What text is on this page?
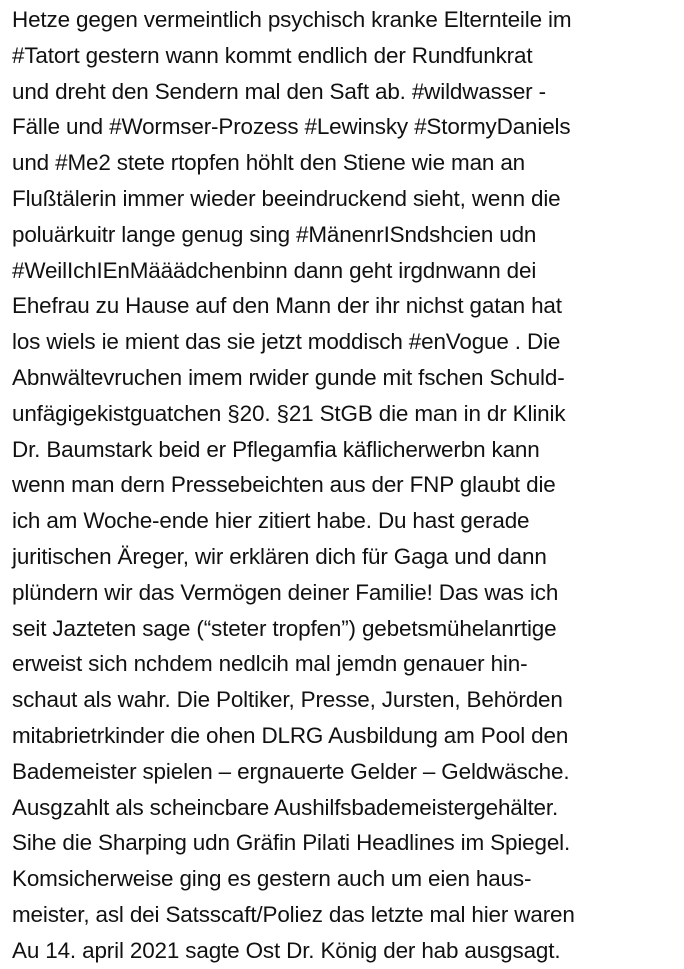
Hetze gegen vermeintlich psychisch kranke Elternteile im
#Tatort gestern wann kommt endlich der Rundfunkrat
und dreht den Sendern mal den Saft ab. #wildwasser -
Fälle und #Wormser-Prozess #Lewinsky #StormyDaniels
und #Me2 stete rtopfen höhlt den Stiene wie man an
Flußtälerin immer wieder beeindruckend sieht, wenn die
poluärkuitr lange genug sing #MänenrISndshcien udn
#WeilIchIEnMääädchenbinn dann geht irgdnwann dei
Ehefrau zu Hause auf den Mann der ihr nichst gatan hat
los wiels ie mient das sie jetzt moddisch #enVogue . Die
Abnwältevruchen imem rwider gunde mit fschen Schuld-
unfägigekistguatchen §20. §21 StGB die man in dr Klinik
Dr. Baumstark beid er Pflegamfia käflicherwerbn kann
wenn man dern Pressebeichten aus der FNP glaubt die
ich am Woche-ende hier zitiert habe. Du hast gerade
juritischen Äreger, wir erklären dich für Gaga und dann
plündern wir das Vermögen deiner Familie! Das was ich
seit Jazteten sage (“steter tropfen”) gebetsmühelanrtige
erweist sich nchdem nedlcih mal jemdn genauer hin-
schaut als wahr. Die Poltiker, Presse, Jursten, Behörden
mitabrietrkinder die ohen DLRG Ausbildung am Pool den
Bademeister spielen – ergnauerte Gelder – Geldwäsche.
Ausgzahlt als scheincbare Aushilfsbademeistergehälter.
Sihe die Sharping udn Gräfin Pilati Headlines im Spiegel.
Komsicherweise ging es gestern auch um eien haus-
meister, asl dei Satsscaft/Poliez das letzte mal hier waren
Au 14. april 2021 sagte Ost Dr. König der hab ausgsagt.
